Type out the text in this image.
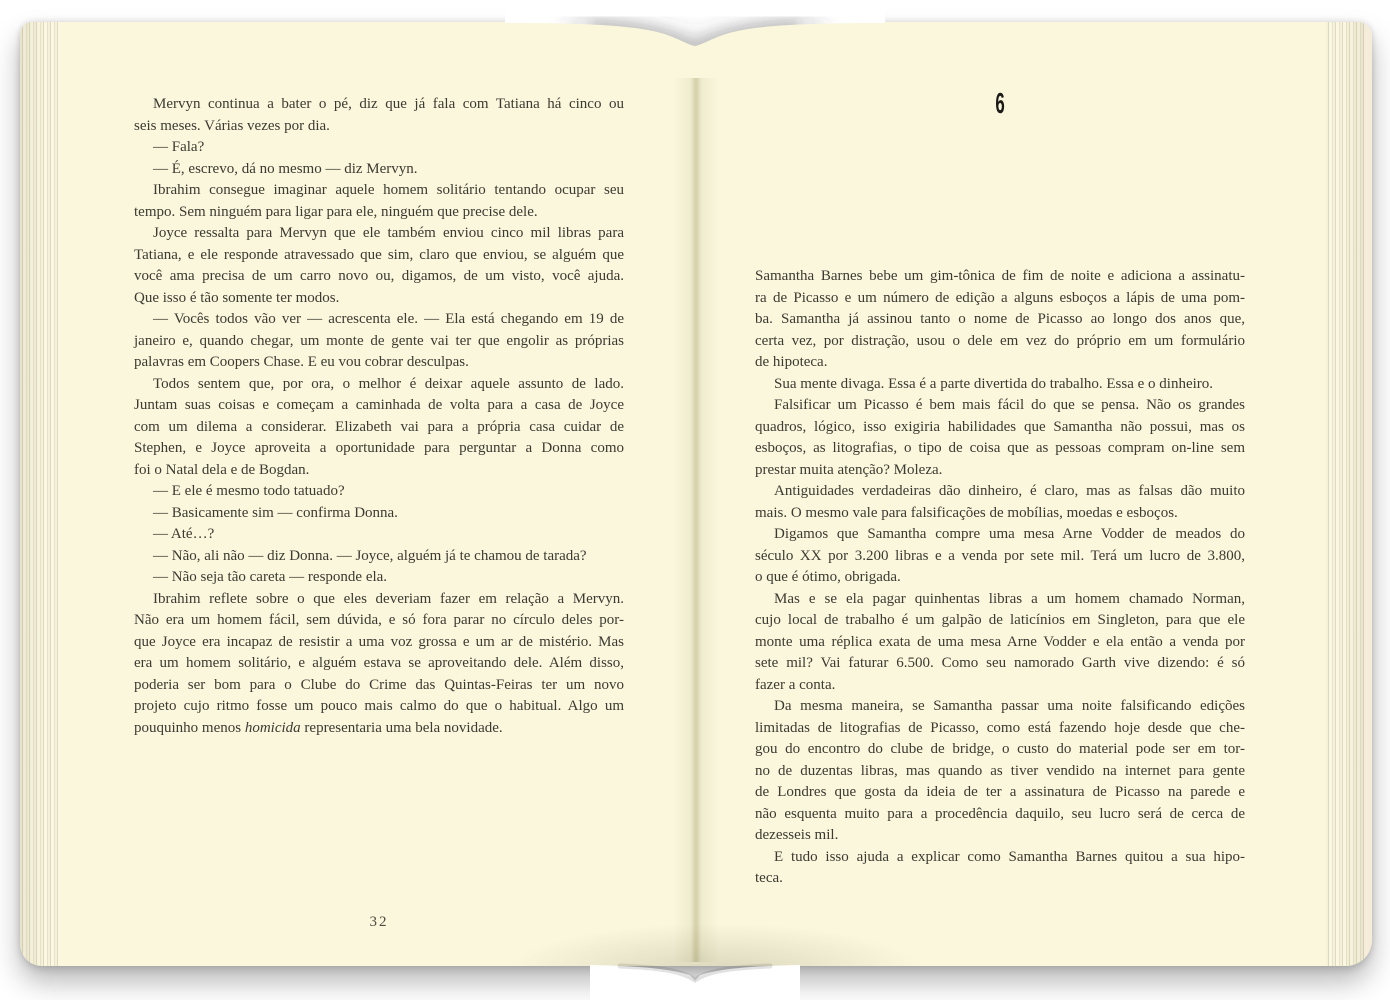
Mervyn continua a bater o pé, diz que já fala com Tatiana há cinco ou
seis meses. Várias vezes por dia.
— Fala?
— É, escrevo, dá no mesmo — diz Mervyn.
Ibrahim consegue imaginar aquele homem solitário tentando ocupar seu
tempo. Sem ninguém para ligar para ele, ninguém que precise dele.
Joyce ressalta para Mervyn que ele também enviou cinco mil libras para
Tatiana, e ele responde atravessado que sim, claro que enviou, se alguém que
você ama precisa de um carro novo ou, digamos, de um visto, você ajuda.
Que isso é tão somente ter modos.
— Vocês todos vão ver — acrescenta ele. — Ela está chegando em 19 de
janeiro e, quando chegar, um monte de gente vai ter que engolir as próprias
palavras em Coopers Chase. E eu vou cobrar desculpas.
Todos sentem que, por ora, o melhor é deixar aquele assunto de lado.
Juntam suas coisas e começam a caminhada de volta para a casa de Joyce
com um dilema a considerar. Elizabeth vai para a própria casa cuidar de
Stephen, e Joyce aproveita a oportunidade para perguntar a Donna como
foi o Natal dela e de Bogdan.
— E ele é mesmo todo tatuado?
— Basicamente sim — confirma Donna.
— Até…?
— Não, ali não — diz Donna. — Joyce, alguém já te chamou de tarada?
— Não seja tão careta — responde ela.
Ibrahim reflete sobre o que eles deveriam fazer em relação a Mervyn.
Não era um homem fácil, sem dúvida, e só fora parar no círculo deles por-
que Joyce era incapaz de resistir a uma voz grossa e um ar de mistério. Mas
era um homem solitário, e alguém estava se aproveitando dele. Além disso,
poderia ser bom para o Clube do Crime das Quintas-Feiras ter um novo
projeto cujo ritmo fosse um pouco mais calmo do que o habitual. Algo um
pouquinho menos homicida representaria uma bela novidade.
32
6
Samantha Barnes bebe um gim-tônica de fim de noite e adiciona a assinatu-
ra de Picasso e um número de edição a alguns esboços a lápis de uma pom-
ba. Samantha já assinou tanto o nome de Picasso ao longo dos anos que,
certa vez, por distração, usou o dele em vez do próprio em um formulário
de hipoteca.
Sua mente divaga. Essa é a parte divertida do trabalho. Essa e o dinheiro.
Falsificar um Picasso é bem mais fácil do que se pensa. Não os grandes
quadros, lógico, isso exigiria habilidades que Samantha não possui, mas os
esboços, as litografias, o tipo de coisa que as pessoas compram on-line sem
prestar muita atenção? Moleza.
Antiguidades verdadeiras dão dinheiro, é claro, mas as falsas dão muito
mais. O mesmo vale para falsificações de mobílias, moedas e esboços.
Digamos que Samantha compre uma mesa Arne Vodder de meados do
século XX por 3.200 libras e a venda por sete mil. Terá um lucro de 3.800,
o que é ótimo, obrigada.
Mas e se ela pagar quinhentas libras a um homem chamado Norman,
cujo local de trabalho é um galpão de laticínios em Singleton, para que ele
monte uma réplica exata de uma mesa Arne Vodder e ela então a venda por
sete mil? Vai faturar 6.500. Como seu namorado Garth vive dizendo: é só
fazer a conta.
Da mesma maneira, se Samantha passar uma noite falsificando edições
limitadas de litografias de Picasso, como está fazendo hoje desde que che-
gou do encontro do clube de bridge, o custo do material pode ser em tor-
no de duzentas libras, mas quando as tiver vendido na internet para gente
de Londres que gosta da ideia de ter a assinatura de Picasso na parede e
não esquenta muito para a procedência daquilo, seu lucro será de cerca de
dezesseis mil.
E tudo isso ajuda a explicar como Samantha Barnes quitou a sua hipo-
teca.
